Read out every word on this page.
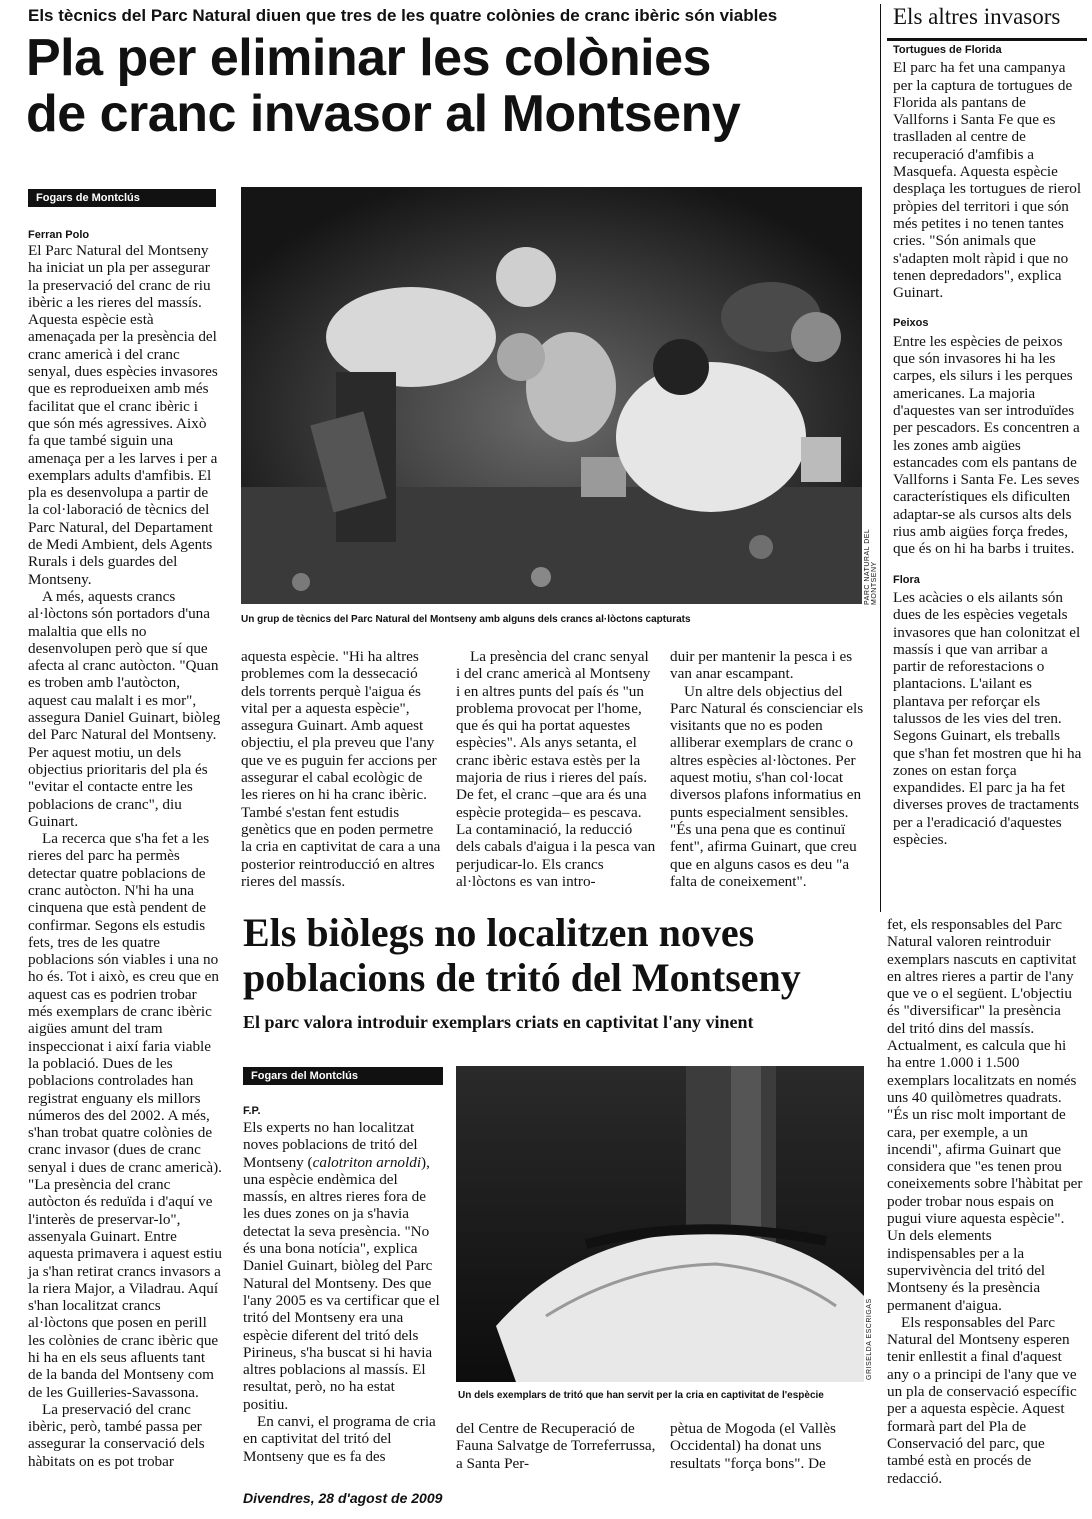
Els tècnics del Parc Natural diuen que tres de les quatre colònies de cranc ibèric són viables
Pla per eliminar les colònies
de cranc invasor al Montseny
Fogars de Montclús
Ferran Polo

El Parc Natural del Montseny ha iniciat un pla per assegurar la preservació del cranc de riu ibèric a les rieres del massís. Aquesta espècie està amenaçada per la presència del cranc americà i del cranc senyal, dues espècies invasores que es reprodueixen amb més facilitat que el cranc ibèric i que són més agressives. Això fa que també siguin una amenaça per a les larves i per a exemplars adults d'amfibis. El pla es desenvolupa a partir de la col·laboració de tècnics del Parc Natural, del Departament de Medi Ambient, dels Agents Rurals i dels guardes del Montseny.

A més, aquests crancs al·lòctons són portadors d'una malaltia que ells no desenvolupen però que sí que afecta al cranc autòcton. "Quan es troben amb l'autòcton, aquest cau malalt i es mor", assegura Daniel Guinart, biòleg del Parc Natural del Montseny. Per aquest motiu, un dels objectius prioritaris del pla és "evitar el contacte entre les poblacions de cranc", diu Guinart.

La recerca que s'ha fet a les rieres del parc ha permès detectar quatre poblacions de cranc autòcton. N'hi ha una cinquena que està pendent de confirmar. Segons els estudis fets, tres de les quatre poblacions són viables i una no ho és. Tot i això, es creu que en aquest cas es podrien trobar més exemplars de cranc ibèric aigües amunt del tram inspeccionat i així faria viable la població. Dues de les poblacions controlades han registrat enguany els millors números des del 2002. A més, s'han trobat quatre colònies de cranc invasor (dues de cranc senyal i dues de cranc americà). "La presència del cranc autòcton és reduïda i d'aquí ve l'interès de preservar-lo", assenyala Guinart. Entre aquesta primavera i aquest estiu ja s'han retirat crancs invasors a la riera Major, a Viladrau. Aquí s'han localitzat crancs al·lòctons que posen en perill les colònies de cranc ibèric que hi ha en els seus afluents tant de la banda del Montseny com de les Guilleries-Savassona.

La preservació del cranc ibèric, però, també passa per assegurar la conservació dels hàbitats on es pot trobar

PARC NATURAL DEL MONTSENY
Un grup de tècnics del Parc Natural del Montseny amb alguns dels crancs al·lòctons capturats

aquesta espècie. "Hi ha altres problemes com la dessecació dels torrents perquè l'aigua és vital per a aquesta espècie", assegura Guinart. Amb aquest objectiu, el pla preveu que l'any que ve es puguin fer accions per assegurar el cabal ecològic de les rieres on hi ha cranc ibèric. També s'estan fent estudis genètics que en poden permetre la cria en captivitat de cara a una posterior reintroducció en altres rieres del massís.

La presència del cranc senyal i del cranc americà al Montseny i en altres punts del país és "un problema provocat per l'home, que és qui ha portat aquestes espècies". Als anys setanta, el cranc ibèric estava estès per la majoria de rius i rieres del país. De fet, el cranc –que ara és una espècie protegida– es pescava. La contaminació, la reducció dels cabals d'aigua i la pesca van perjudicar-lo. Els crancs al·lòctons es van intro-

duir per mantenir la pesca i es van anar escampant.

Un altre dels objectius del Parc Natural és conscienciar els visitants que no es poden alliberar exemplars de cranc o altres espècies al·lòctones. Per aquest motiu, s'han col·locat diversos plafons informatius en punts especialment sensibles. "És una pena que es continuï fent", afirma Guinart, que creu que en alguns casos es deu "a falta de coneixement".

Els altres invasors
Tortugues de Florida

El parc ha fet una campanya per la captura de tortugues de Florida als pantans de Vallforns i Santa Fe que es traslladen al centre de recuperació d'amfibis a Masquefa. Aquesta espècie desplaça les tortugues de rierol pròpies del territori i que són més petites i no tenen tantes cries. "Són animals que s'adapten molt ràpid i que no tenen depredadors", explica Guinart.

Peixos

Entre les espècies de peixos que són invasores hi ha les carpes, els silurs i les perques americanes. La majoria d'aquestes van ser introduïdes per pescadors. Es concentren a les zones amb aigües estancades com els pantans de Vallforns i Santa Fe. Les seves característiques els dificulten adaptar-se als cursos alts dels rius amb aigües força fredes, que és on hi ha barbs i truites.

Flora

Les acàcies o els ailants són dues de les espècies vegetals invasores que han colonitzat el massís i que van arribar a partir de reforestacions o plantacions. L'ailant es plantava per reforçar els talussos de les vies del tren. Segons Guinart, els treballs que s'han fet mostren que hi ha zones on estan força expandides. El parc ja ha fet diverses proves de tractaments per a l'eradicació d'aquestes espècies.

Els biòlegs no localitzen noves
poblacions de tritó del Montseny
El parc valora introduir exemplars criats en captivitat l'any vinent
Fogars del Montclús
F.P.

Els experts no han localitzat noves poblacions de tritó del Montseny (calotriton arnoldi), una espècie endèmica del massís, en altres rieres fora de les dues zones on ja s'havia detectat la seva presència. "No és una bona notícia", explica Daniel Guinart, biòleg del Parc Natural del Montseny. Des que l'any 2005 es va certificar que el tritó del Montseny era una espècie diferent del tritó dels Pirineus, s'ha buscat si hi havia altres poblacions al massís. El resultat, però, no ha estat positiu.

En canvi, el programa de cria en captivitat del tritó del Montseny que es fa des

GRISELDA ESCRIGAS
Un dels exemplars de tritó que han servit per la cria en captivitat de l'espècie

del Centre de Recuperació de Fauna Salvatge de Torreferrussa, a Santa Per-

pètua de Mogoda (el Vallès Occidental) ha donat uns resultats "força bons". De

fet, els responsables del Parc Natural valoren reintroduir exemplars nascuts en captivitat en altres rieres a partir de l'any que ve o el següent. L'objectiu és "diversificar" la presència del tritó dins del massís. Actualment, es calcula que hi ha entre 1.000 i 1.500 exemplars localitzats en només uns 40 quilòmetres quadrats. "És un risc molt important de cara, per exemple, a un incendi", afirma Guinart que considera que "es tenen prou coneixements sobre l'hàbitat per poder trobar nous espais on pugui viure aquesta espècie". Un dels elements indispensables per a la supervivència del tritó del Montseny és la presència permanent d'aigua.

Els responsables del Parc Natural del Montseny esperen tenir enllestit a final d'aquest any o a principi de l'any que ve un pla de conservació específic per a aquesta espècie. Aquest formarà part del Pla de Conservació del parc, que també està en procés de redacció.

Divendres, 28 d'agost de 2009
